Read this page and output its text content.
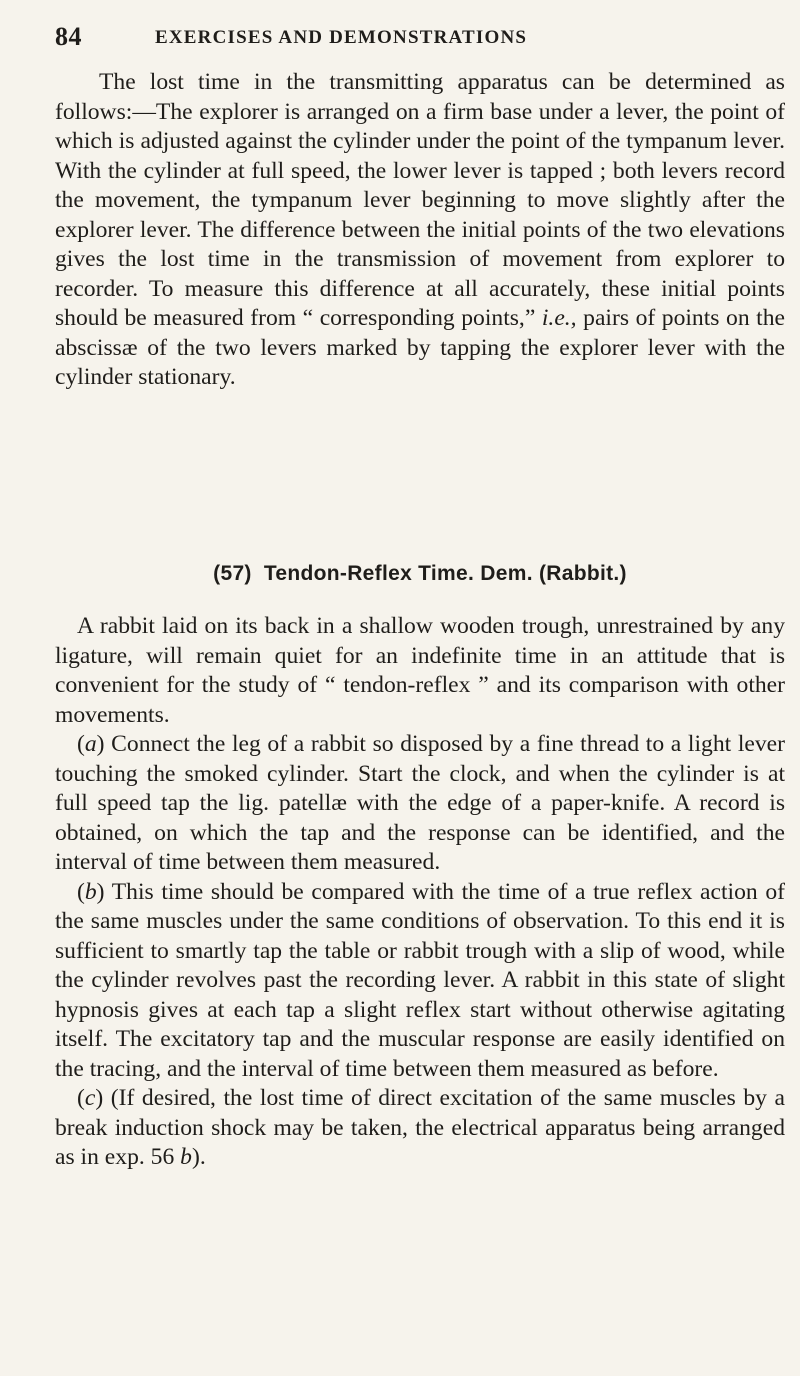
84	EXERCISES AND DEMONSTRATIONS

The lost time in the transmitting apparatus can be determined as follows:—The explorer is arranged on a firm base under a lever, the point of which is adjusted against the cylinder under the point of the tympanum lever. With the cylinder at full speed, the lower lever is tapped ; both levers record the movement, the tympanum lever beginning to move slightly after the explorer lever. The difference between the initial points of the two elevations gives the lost time in the transmission of movement from explorer to recorder. To measure this difference at all accurately, these initial points should be measured from “ corresponding points,” i.e., pairs of points on the abscissæ of the two levers marked by tapping the explorer lever with the cylinder stationary.

(57) Tendon-Reflex Time. Dem. (Rabbit.)

A rabbit laid on its back in a shallow wooden trough, unrestrained by any ligature, will remain quiet for an indefinite time in an attitude that is convenient for the study of “ tendon-reflex ” and its comparison with other movements.

(a) Connect the leg of a rabbit so disposed by a fine thread to a light lever touching the smoked cylinder. Start the clock, and when the cylinder is at full speed tap the lig. patellæ with the edge of a paper-knife. A record is obtained, on which the tap and the response can be identified, and the interval of time between them measured.

(b) This time should be compared with the time of a true reflex action of the same muscles under the same conditions of observation. To this end it is sufficient to smartly tap the table or rabbit trough with a slip of wood, while the cylinder revolves past the recording lever. A rabbit in this state of slight hypnosis gives at each tap a slight reflex start without otherwise agitating itself. The excitatory tap and the muscular response are easily identified on the tracing, and the interval of time between them measured as before.

(c) (If desired, the lost time of direct excitation of the same muscles by a break induction shock may be taken, the electrical apparatus being arranged as in exp. 56 b).
